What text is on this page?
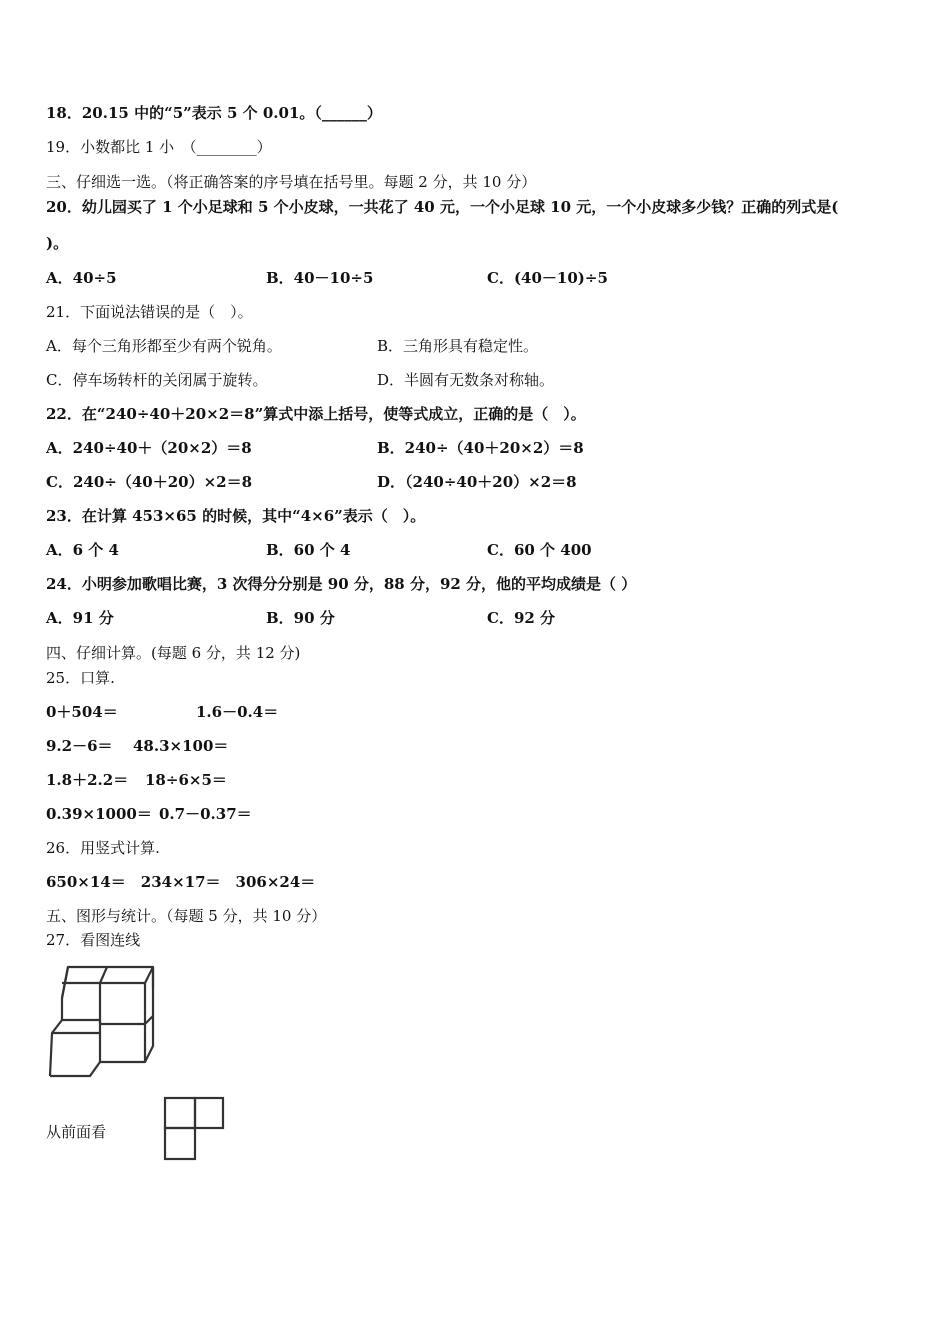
18．20.15 中的“5”表示 5 个 0.01。（______）
19．小数都比 1 小　（________）
三、仔细选一选。（将正确答案的序号填在括号里。每题 2 分，共 10 分）
20．幼儿园买了 1 个小足球和 5 个小皮球，一共花了 40 元，一个小足球 10 元，一个小皮球多少钱？正确的列式是(
)。
A．40÷5	B．40－10÷5	C．(40－10)÷5
21．下面说法错误的是（　）。
A．每个三角形都至少有两个锐角。	B．三角形具有稳定性。
C．停车场转杆的关闭属于旋转。	D．半圆有无数条对称轴。
22．在“240÷40＋20×2＝8”算式中添上括号，使等式成立，正确的是（　）。
A．240÷40＋（20×2）＝8	B．240÷（40＋20×2）＝8
C．240÷（40＋20）×2＝8	D．（240÷40＋20）×2＝8
23．在计算 453×65 的时候，其中“4×6”表示（　）。
A．6 个 4	B．60 个 4	C．60 个 400
24．小明参加歌唱比赛，3 次得分分别是 90 分，88 分，92 分，他的平均成绩是（ ）
A．91 分	B．90 分	C．92 分
四、仔细计算。(每题 6 分，共 12 分)
25．口算.
0＋504＝	1.6－0.4＝
9.2－6＝ 48.3×100＝
1.8＋2.2＝ 18÷6×5＝
0.39×1000＝ 0.7－0.37＝
26．用竖式计算.
650×14＝　234×17＝　306×24＝
五、图形与统计。（每题 5 分，共 10 分）
27．看图连线
从前面看
